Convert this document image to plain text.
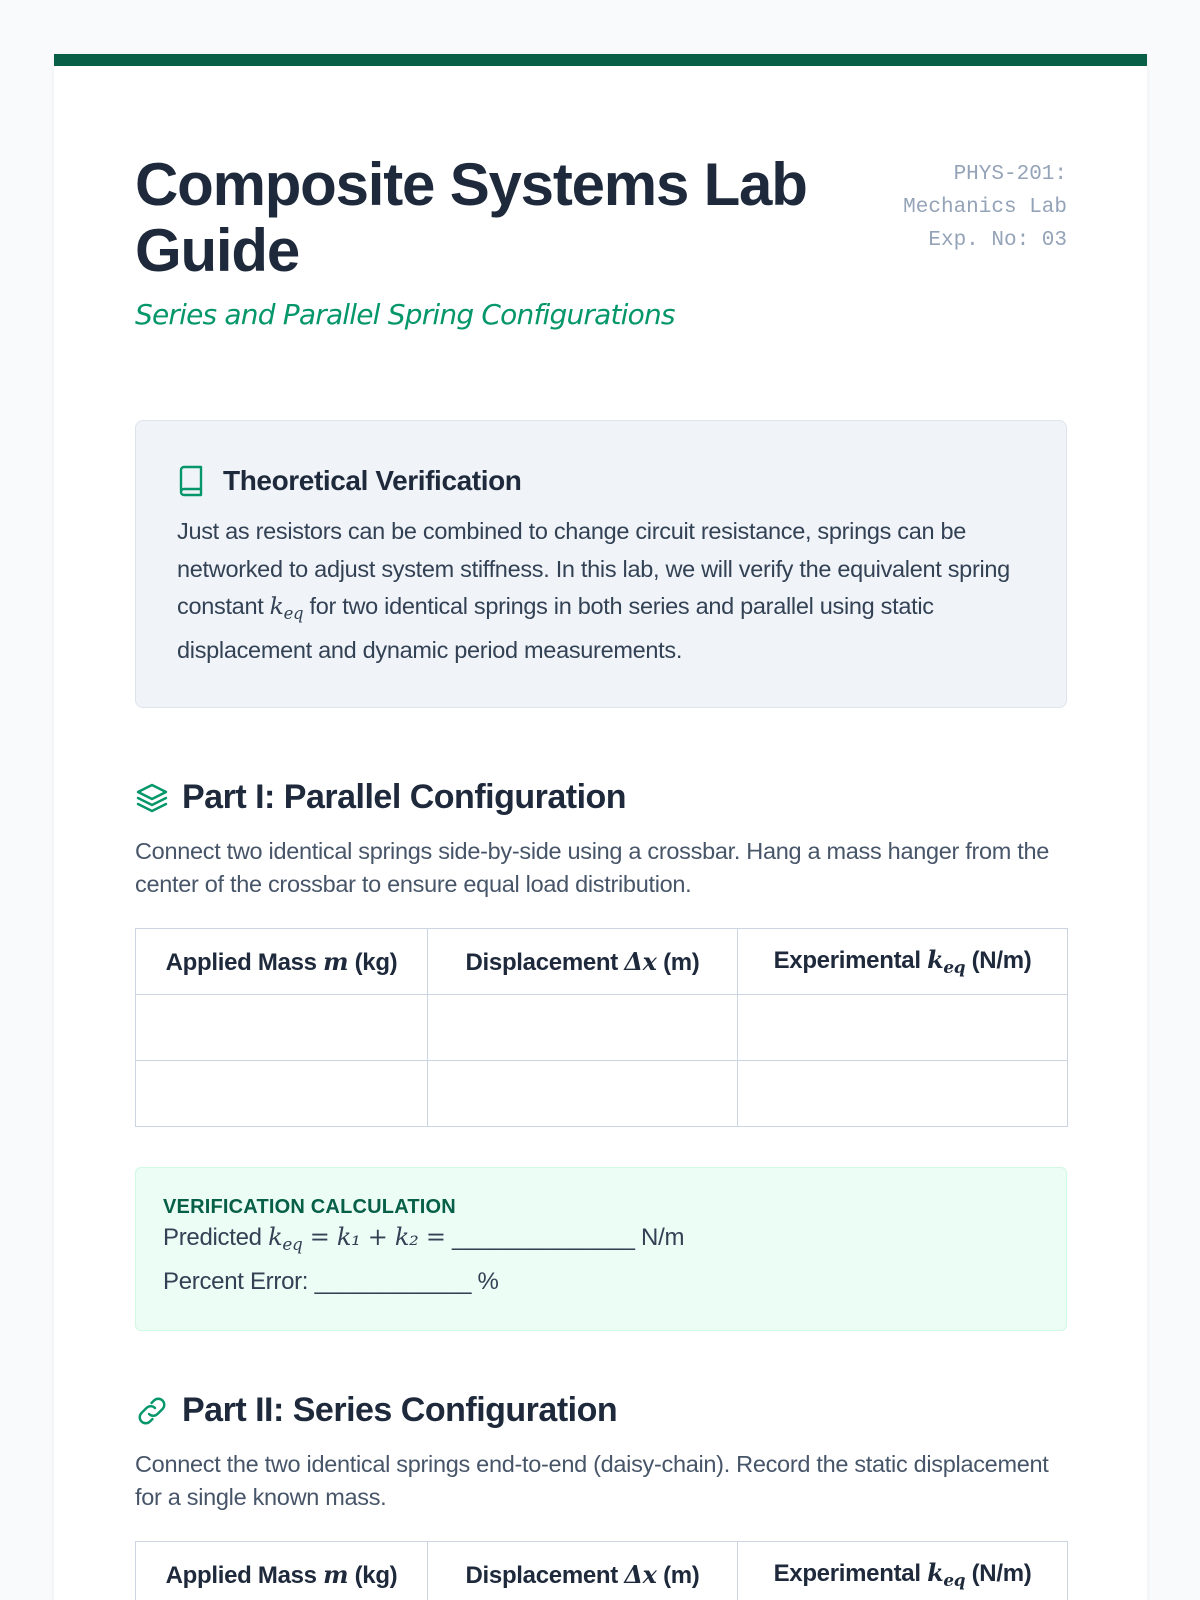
Composite Systems Lab Guide
Series and Parallel Spring Configurations
PHYS-201:
Mechanics Lab
Exp. No: 03
Theoretical Verification

Just as resistors can be combined to change circuit resistance, springs can be networked to adjust system stiffness. In this lab, we will verify the equivalent spring constant $k_{eq}$ for two identical springs in both series and parallel using static displacement and dynamic period measurements.

Part I: Parallel Configuration

Connect two identical springs side-by-side using a crossbar. Hang a mass hanger from the center of the crossbar to ensure equal load distribution.

Applied Mass m (kg)	Displacement Δx (m)	Experimental $k_{eq}$ (N/m)

VERIFICATION CALCULATION
Predicted $k_{eq} = k_1 + k_2$ = ______________ N/m
Percent Error: ____________ %
Part II: Series Configuration

Connect the two identical springs end-to-end (daisy-chain). Record the static displacement for a single known mass.

Applied Mass m (kg)	Displacement Δx (m)	Experimental $k_{eq}$ (N/m)
